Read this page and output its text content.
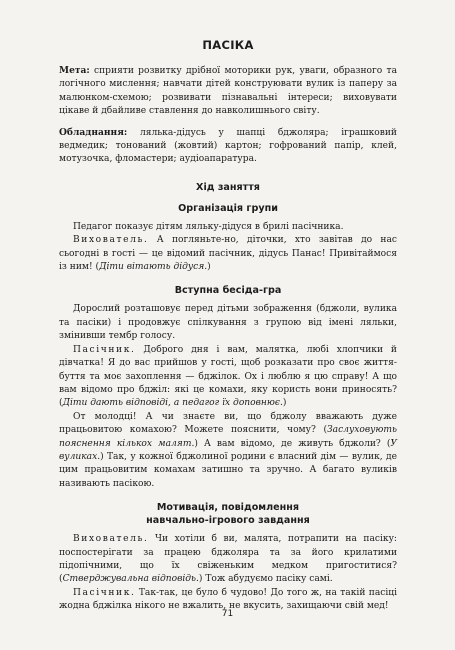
ПАСІКА

Мета: сприяти розвитку дрібної моторики рук, уваги, образного та логічного мислення; навчати дітей конструювати вулик із паперу за малюнком-схемою; розвивати пізнавальні інтереси; виховувати цікаве й дбайливе ставлення до навколишнього світу.

Обладнання: лялька-дідусь у шапці бджоляра; іграшковий ведмедик; тонований (жовтий) картон; гофрований папір, клей, мотузочка, фломастери; аудіоапаратура.

Хід заняття
Організація групи

Педагог показує дітям ляльку-дідуся в брилі пасічника.

Вихователь. А погляньте-но, діточки, хто завітав до нас сьогодні в гості — це відомий пасічник, дідусь Панас! Привітаймося із ним! (Діти вітають дідуся.)

Вступна бесіда-гра

Дорослий розташовує перед дітьми зображення (бджоли, вулика та пасіки) і продовжує спілкування з групою від імені ляльки, змінивши тембр голосу.

Пасічник. Доброго дня і вам, малятка, любі хлопчики й дівчатка! Я до вас прийшов у гості, щоб розказати про своє життя-буття та моє захоплення — бджілок. Ох і люблю я цю справу! А що вам відомо про бджіл: які це комахи, яку користь вони приносять? (Діти дають відповіді, а педагог їх доповнює.)

От молодці! А чи знаєте ви, що бджолу вважають дуже працьовитою комахою? Можете пояснити, чому? (Заслуховують пояснення кількох малят.) А вам відомо, де живуть бджоли? (У вуликах.) Так, у кожної бджолиної родини є власний дім — вулик, де цим працьовитим комахам затишно та зручно. А багато вуликів називають пасікою.

Мотивація, повідомлення
навчально-ігрового завдання

Вихователь. Чи хотіли б ви, малята, потрапити на пасіку: поспостерігати за працею бджоляра та за його крилатими підопічними, що їх свіженьким медком пригоститися? (Стверджувальна відповідь.) Тож абудуємо пасіку самі.

Пасічник. Так-так, це було б чудово! До того ж, на такій пасіці жодна бджілка нікого не вжалить, не вкусить, захищаючи свій мед!

71
